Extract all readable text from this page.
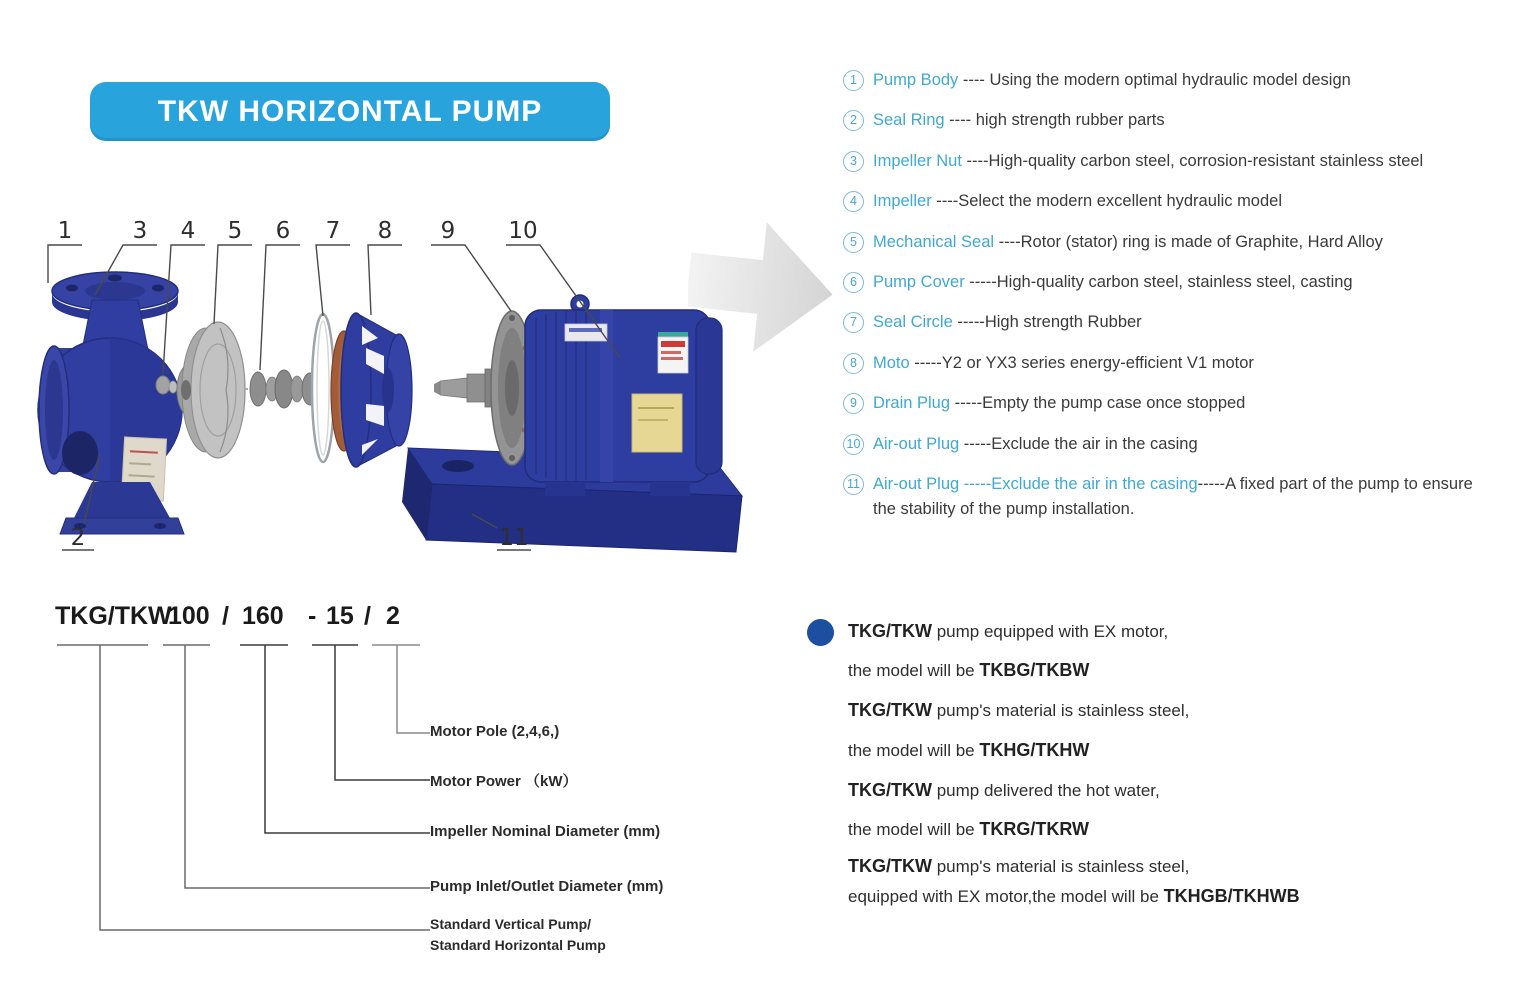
TKW HORIZONTAL PUMP
1	3 4 5 6 7 8 9 10
2	11
1 Pump Body ---- Using the modern optimal hydraulic model design
2 Seal Ring ---- high strength rubber parts
3 Impeller Nut ----High-quality carbon steel, corrosion-resistant stainless steel
4 Impeller ----Select the modern excellent hydraulic model
5 Mechanical Seal ----Rotor (stator) ring is made of Graphite, Hard Alloy
6 Pump Cover -----High-quality carbon steel, stainless steel, casting
7 Seal Circle -----High strength Rubber
8 Moto -----Y2 or YX3 series energy-efficient V1 motor
9 Drain Plug -----Empty the pump case once stopped
10 Air-out Plug -----Exclude the air in the casing
11 Air-out Plug -----Exclude the air in the casing-----A fixed part of the pump to ensure the stability of the pump installation.
TKG/TKW
100 / 160 - 15 / 2
Motor Pole (2,4,6,)
Motor Power （kW）
Impeller Nominal Diameter (mm)
Pump Inlet/Outlet Diameter (mm)
Standard Vertical Pump/
Standard Horizontal Pump
TKG/TKW pump equipped with EX motor,
the model will be TKBG/TKBW
TKG/TKW pump's material is stainless steel,
the model will be TKHG/TKHW
TKG/TKW pump delivered the hot water,
the model will be TKRG/TKRW
TKG/TKW pump's material is stainless steel,
equipped with EX motor,the model will be TKHGB/TKHWB
